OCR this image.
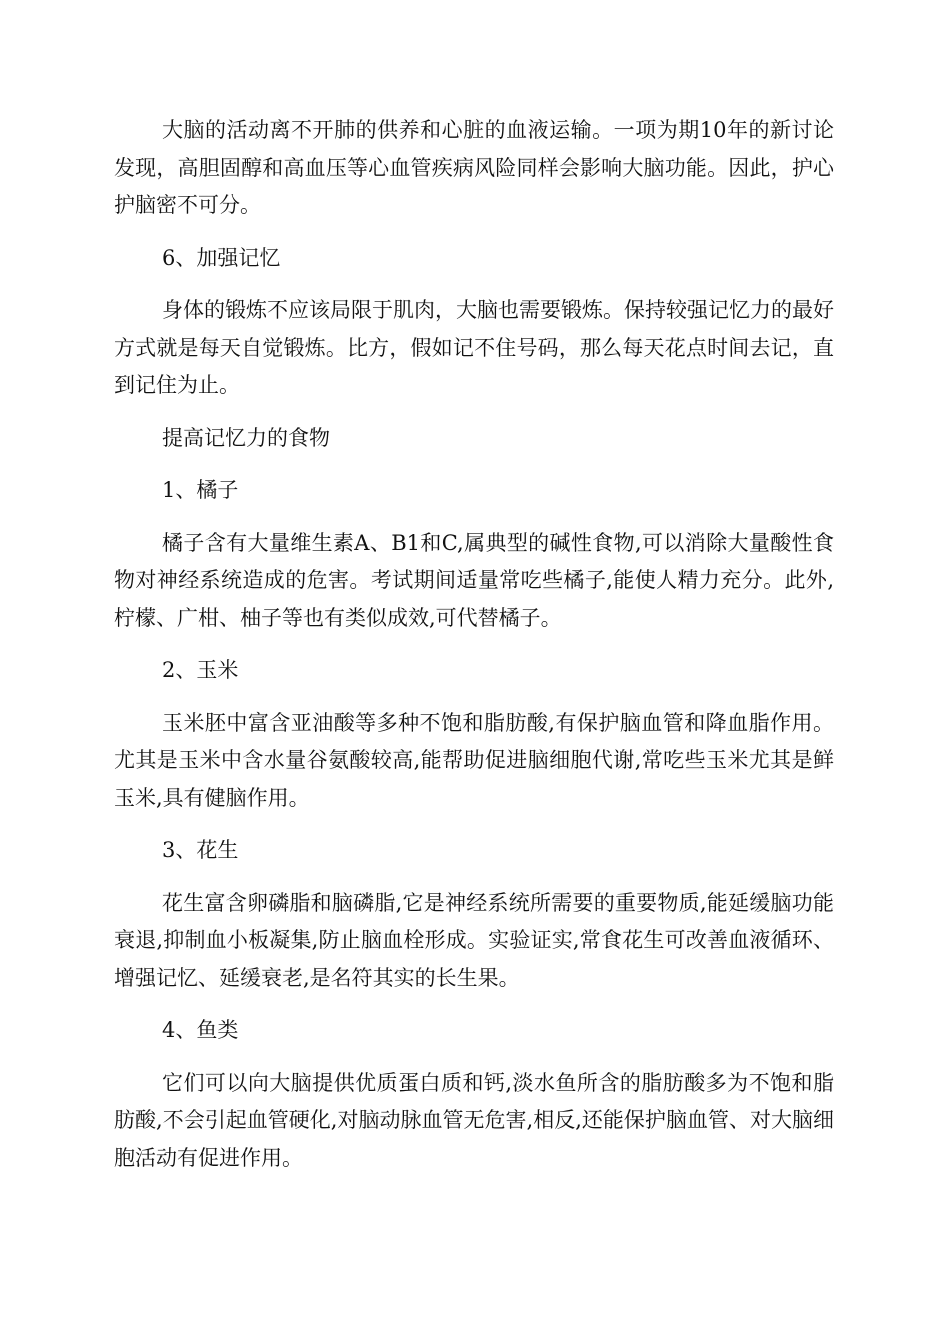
大脑的活动离不开肺的供养和心脏的血液运输。一项为期10年的新讨论发现，高胆固醇和高血压等心血管疾病风险同样会影响大脑功能。因此，护心护脑密不可分。

6、加强记忆

身体的锻炼不应该局限于肌肉，大脑也需要锻炼。保持较强记忆力的最好方式就是每天自觉锻炼。比方，假如记不住号码，那么每天花点时间去记，直到记住为止。

提高记忆力的食物

1、橘子

橘子含有大量维生素A、B1和C,属典型的碱性食物,可以消除大量酸性食物对神经系统造成的危害。考试期间适量常吃些橘子,能使人精力充分。此外,柠檬、广柑、柚子等也有类似成效,可代替橘子。

2、玉米

玉米胚中富含亚油酸等多种不饱和脂肪酸,有保护脑血管和降血脂作用。尤其是玉米中含水量谷氨酸较高,能帮助促进脑细胞代谢,常吃些玉米尤其是鲜玉米,具有健脑作用。

3、花生

花生富含卵磷脂和脑磷脂,它是神经系统所需要的重要物质,能延缓脑功能衰退,抑制血小板凝集,防止脑血栓形成。实验证实,常食花生可改善血液循环、增强记忆、延缓衰老,是名符其实的长生果。

4、鱼类

它们可以向大脑提供优质蛋白质和钙,淡水鱼所含的脂肪酸多为不饱和脂肪酸,不会引起血管硬化,对脑动脉血管无危害,相反,还能保护脑血管、对大脑细胞活动有促进作用。
